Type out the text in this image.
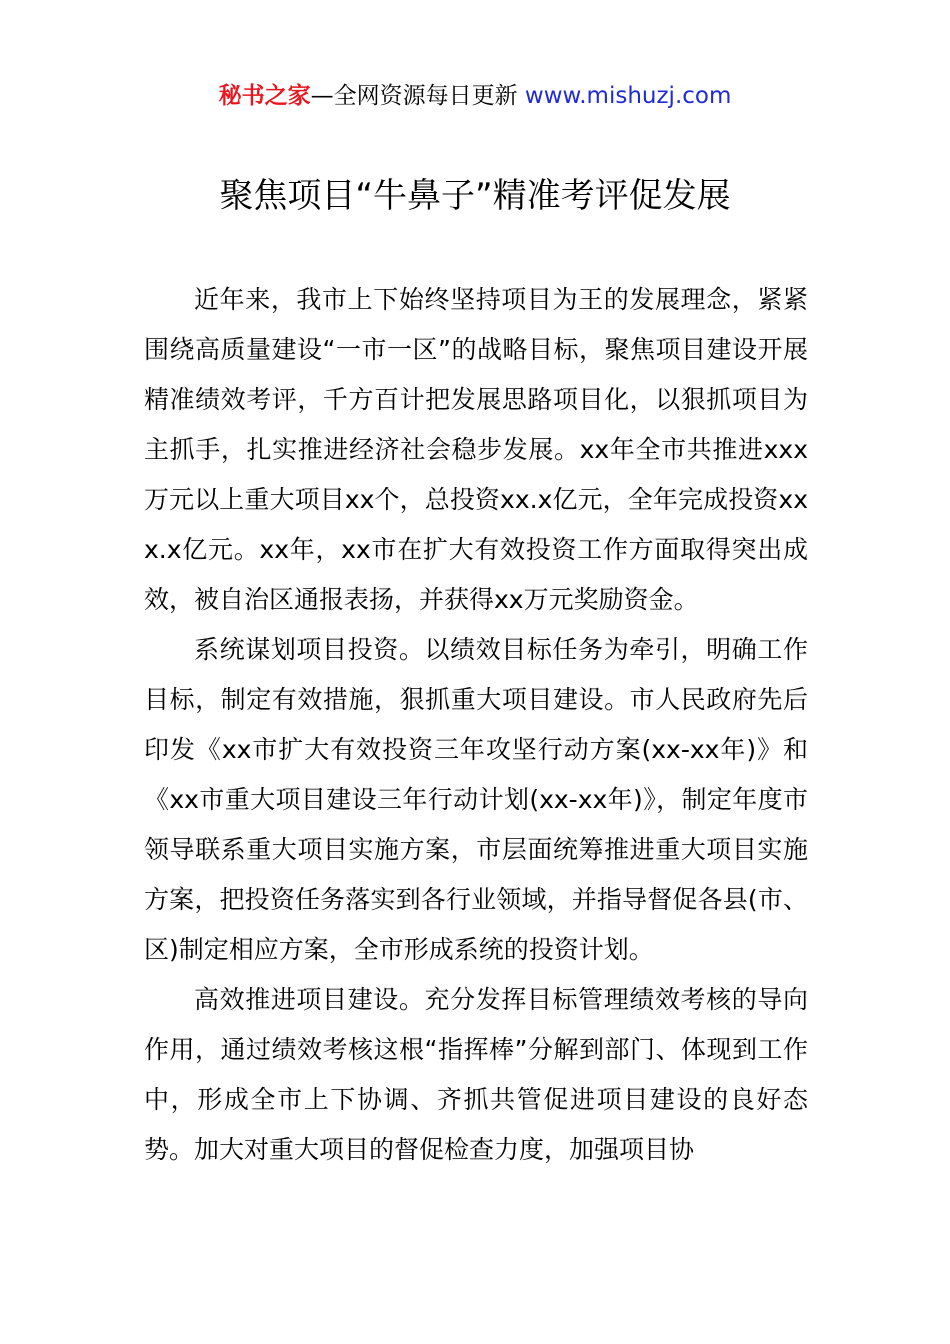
秘书之家—全网资源每日更新 www.mishuzj.com
聚焦项目“牛鼻子”精准考评促发展

近年来，我市上下始终坚持项目为王的发展理念，紧紧围绕高质量建设“一市一区”的战略目标，聚焦项目建设开展精准绩效考评，千方百计把发展思路项目化，以狠抓项目为主抓手，扎实推进经济社会稳步发展。xx年全市共推进xxx万元以上重大项目xx个，总投资xx.x亿元，全年完成投资xxx.x亿元。xx年，xx市在扩大有效投资工作方面取得突出成效，被自治区通报表扬，并获得xx万元奖励资金。

系统谋划项目投资。以绩效目标任务为牵引，明确工作目标，制定有效措施，狠抓重大项目建设。市人民政府先后印发《xx市扩大有效投资三年攻坚行动方案(xx-xx年)》和《xx市重大项目建设三年行动计划(xx-xx年)》，制定年度市领导联系重大项目实施方案，市层面统筹推进重大项目实施方案，把投资任务落实到各行业领域，并指导督促各县(市、区)制定相应方案，全市形成系统的投资计划。

高效推进项目建设。充分发挥目标管理绩效考核的导向作用，通过绩效考核这根“指挥棒”分解到部门、体现到工作中，形成全市上下协调、齐抓共管促进项目建设的良好态势。加大对重大项目的督促检查力度，加强项目协
